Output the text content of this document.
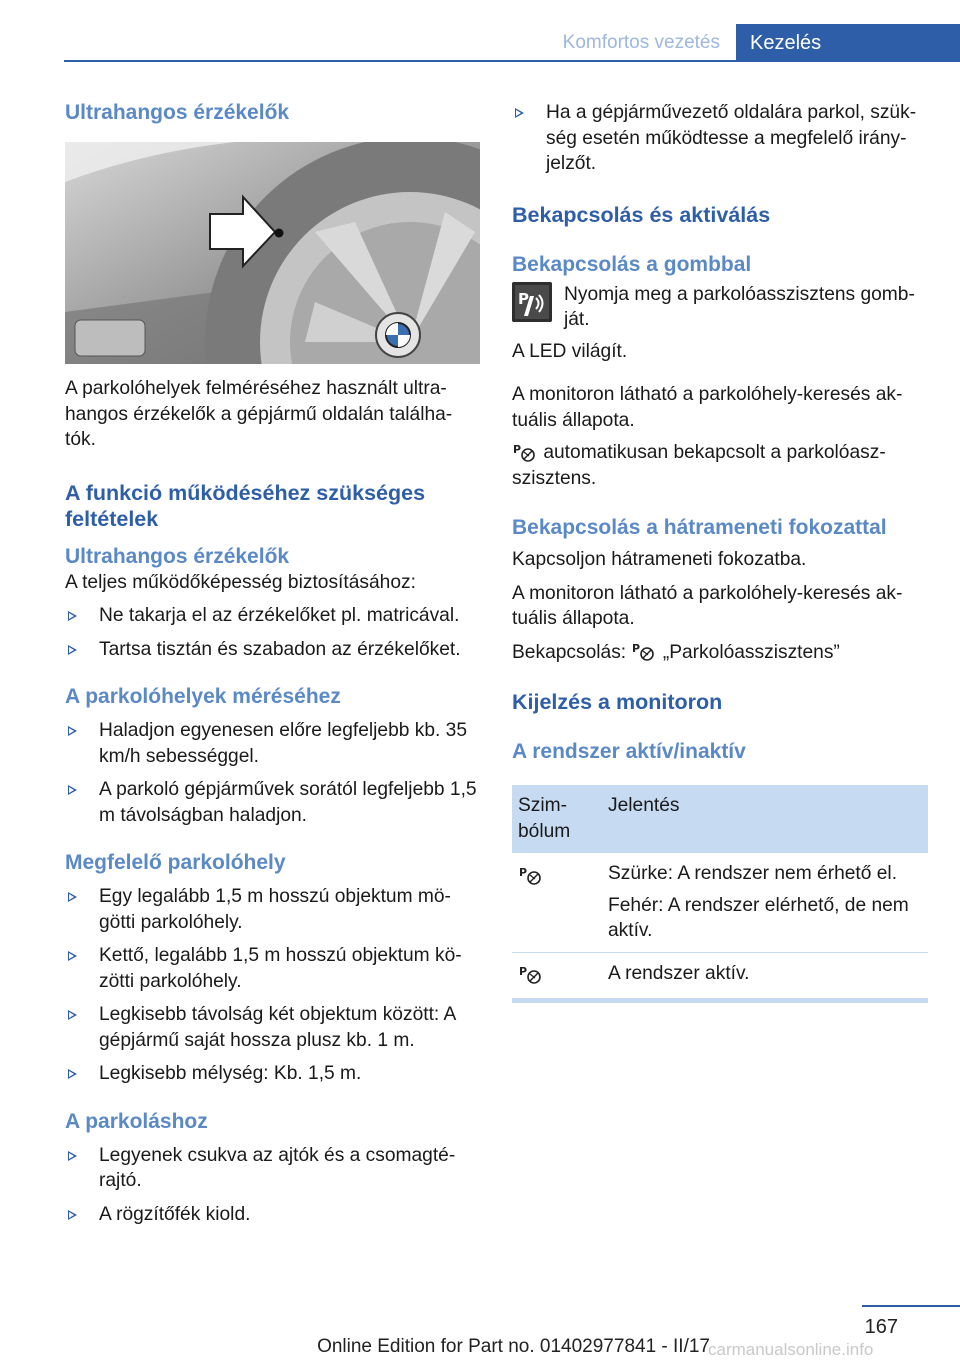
Komfortos vezetés	Kezelés

Ultrahangos érzékelők

A parkolóhelyek felméréséhez használt ultra-hangos érzékelők a gépjármű oldalán találha-tók.

A funkció működéséhez szükséges feltételek

Ultrahangos érzékelők

A teljes működőképesség biztosításához:

Ne takarja el az érzékelőket pl. matricával.

Tartsa tisztán és szabadon az érzékelőket.

A parkolóhelyek méréséhez

Haladjon egyenesen előre legfeljebb kb. 35 km/h sebességgel.

A parkoló gépjárművek sorától legfeljebb 1,5 m távolságban haladjon.

Megfelelő parkolóhely

Egy legalább 1,5 m hosszú objektum mö-götti parkolóhely.

Kettő, legalább 1,5 m hosszú objektum kö-zötti parkolóhely.

Legkisebb távolság két objektum között: A gépjármű saját hossza plusz kb. 1 m.

Legkisebb mélység: Kb. 1,5 m.

A parkoláshoz

Legyenek csukva az ajtók és a csomagté-rajtó.

A rögzítőfék kiold.

Ha a gépjárművezető oldalára parkol, szük-ség esetén működtesse a megfelelő irány-jelzőt.

Bekapcsolás és aktiválás

Bekapcsolás a gombbal

P Nyomja meg a parkolóasszisztens gomb-ját.

A LED világít.

A monitoron látható a parkolóhely-keresés ak-tuális állapota.

P automatikusan bekapcsolt a parkolóasz-szisztens.

Bekapcsolás a hátrameneti fokozattal

Kapcsoljon hátrameneti fokozatba.

A monitoron látható a parkolóhely-keresés ak-tuális állapota.

Bekapcsolás: P „Parkolóasszisztens”

Kijelzés a monitoron

A rendszer aktív/inaktív

Szim-bólum	Jelentés

P	Szürke: A rendszer nem érhető el.

Fehér: A rendszer elérhető, de nem aktív.

P	A rendszer aktív.
167
Online Edition for Part no. 01402977841 - II/17
carmanualsonline.info
